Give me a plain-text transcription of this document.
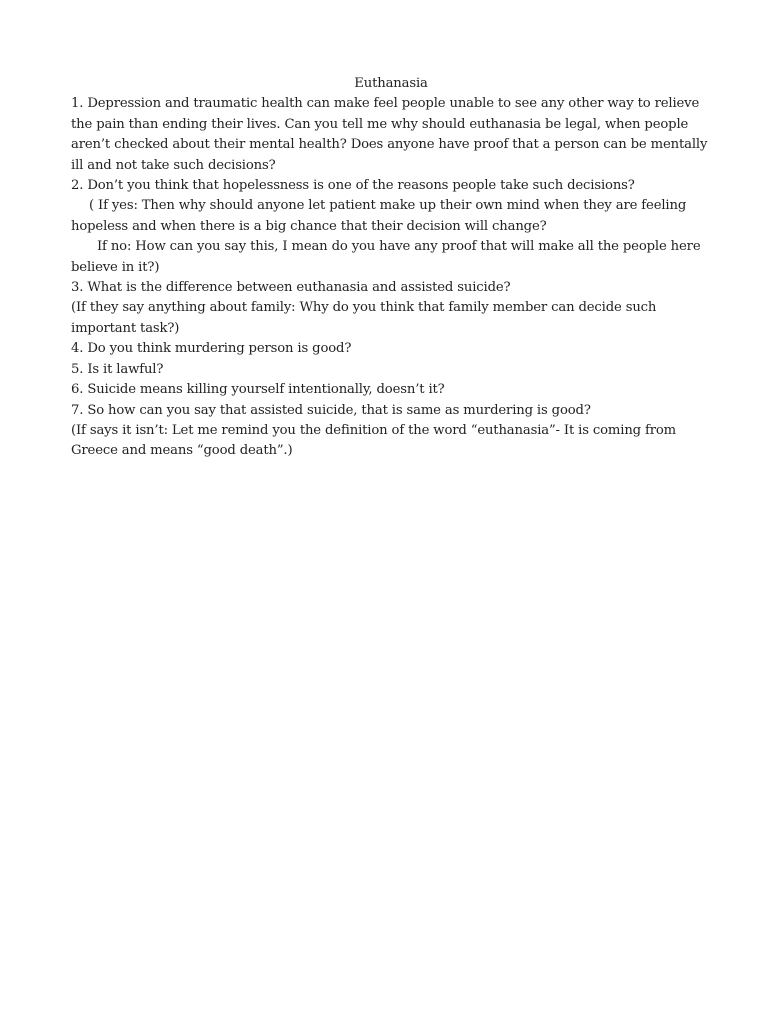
Euthanasia

1. Depression and traumatic health can make feel people unable to see any other way to relieve the pain than ending their lives. Can you tell me why should euthanasia be legal, when people aren’t checked about their mental health? Does anyone have proof that a person can be mentally ill and not take such decisions?

2. Don’t you think that hopelessness is one of the reasons people take such decisions?

( If yes: Then why should anyone let patient make up their own mind when they are feeling hopeless and when there is a big chance that their decision will change?

If no: How can you say this, I mean do you have any proof that will make all the people here believe in it?)

3. What is the difference between euthanasia and assisted suicide?

(If they say anything about family: Why do you think that family member can decide such important task?)

4. Do you think murdering person is good?

5. Is it lawful?

6. Suicide means killing yourself intentionally, doesn’t it?

7. So how can you say that assisted suicide, that is same as murdering is good?

(If says it isn’t: Let me remind you the definition of the word “euthanasia”- It is coming from Greece and means “good death”.)
